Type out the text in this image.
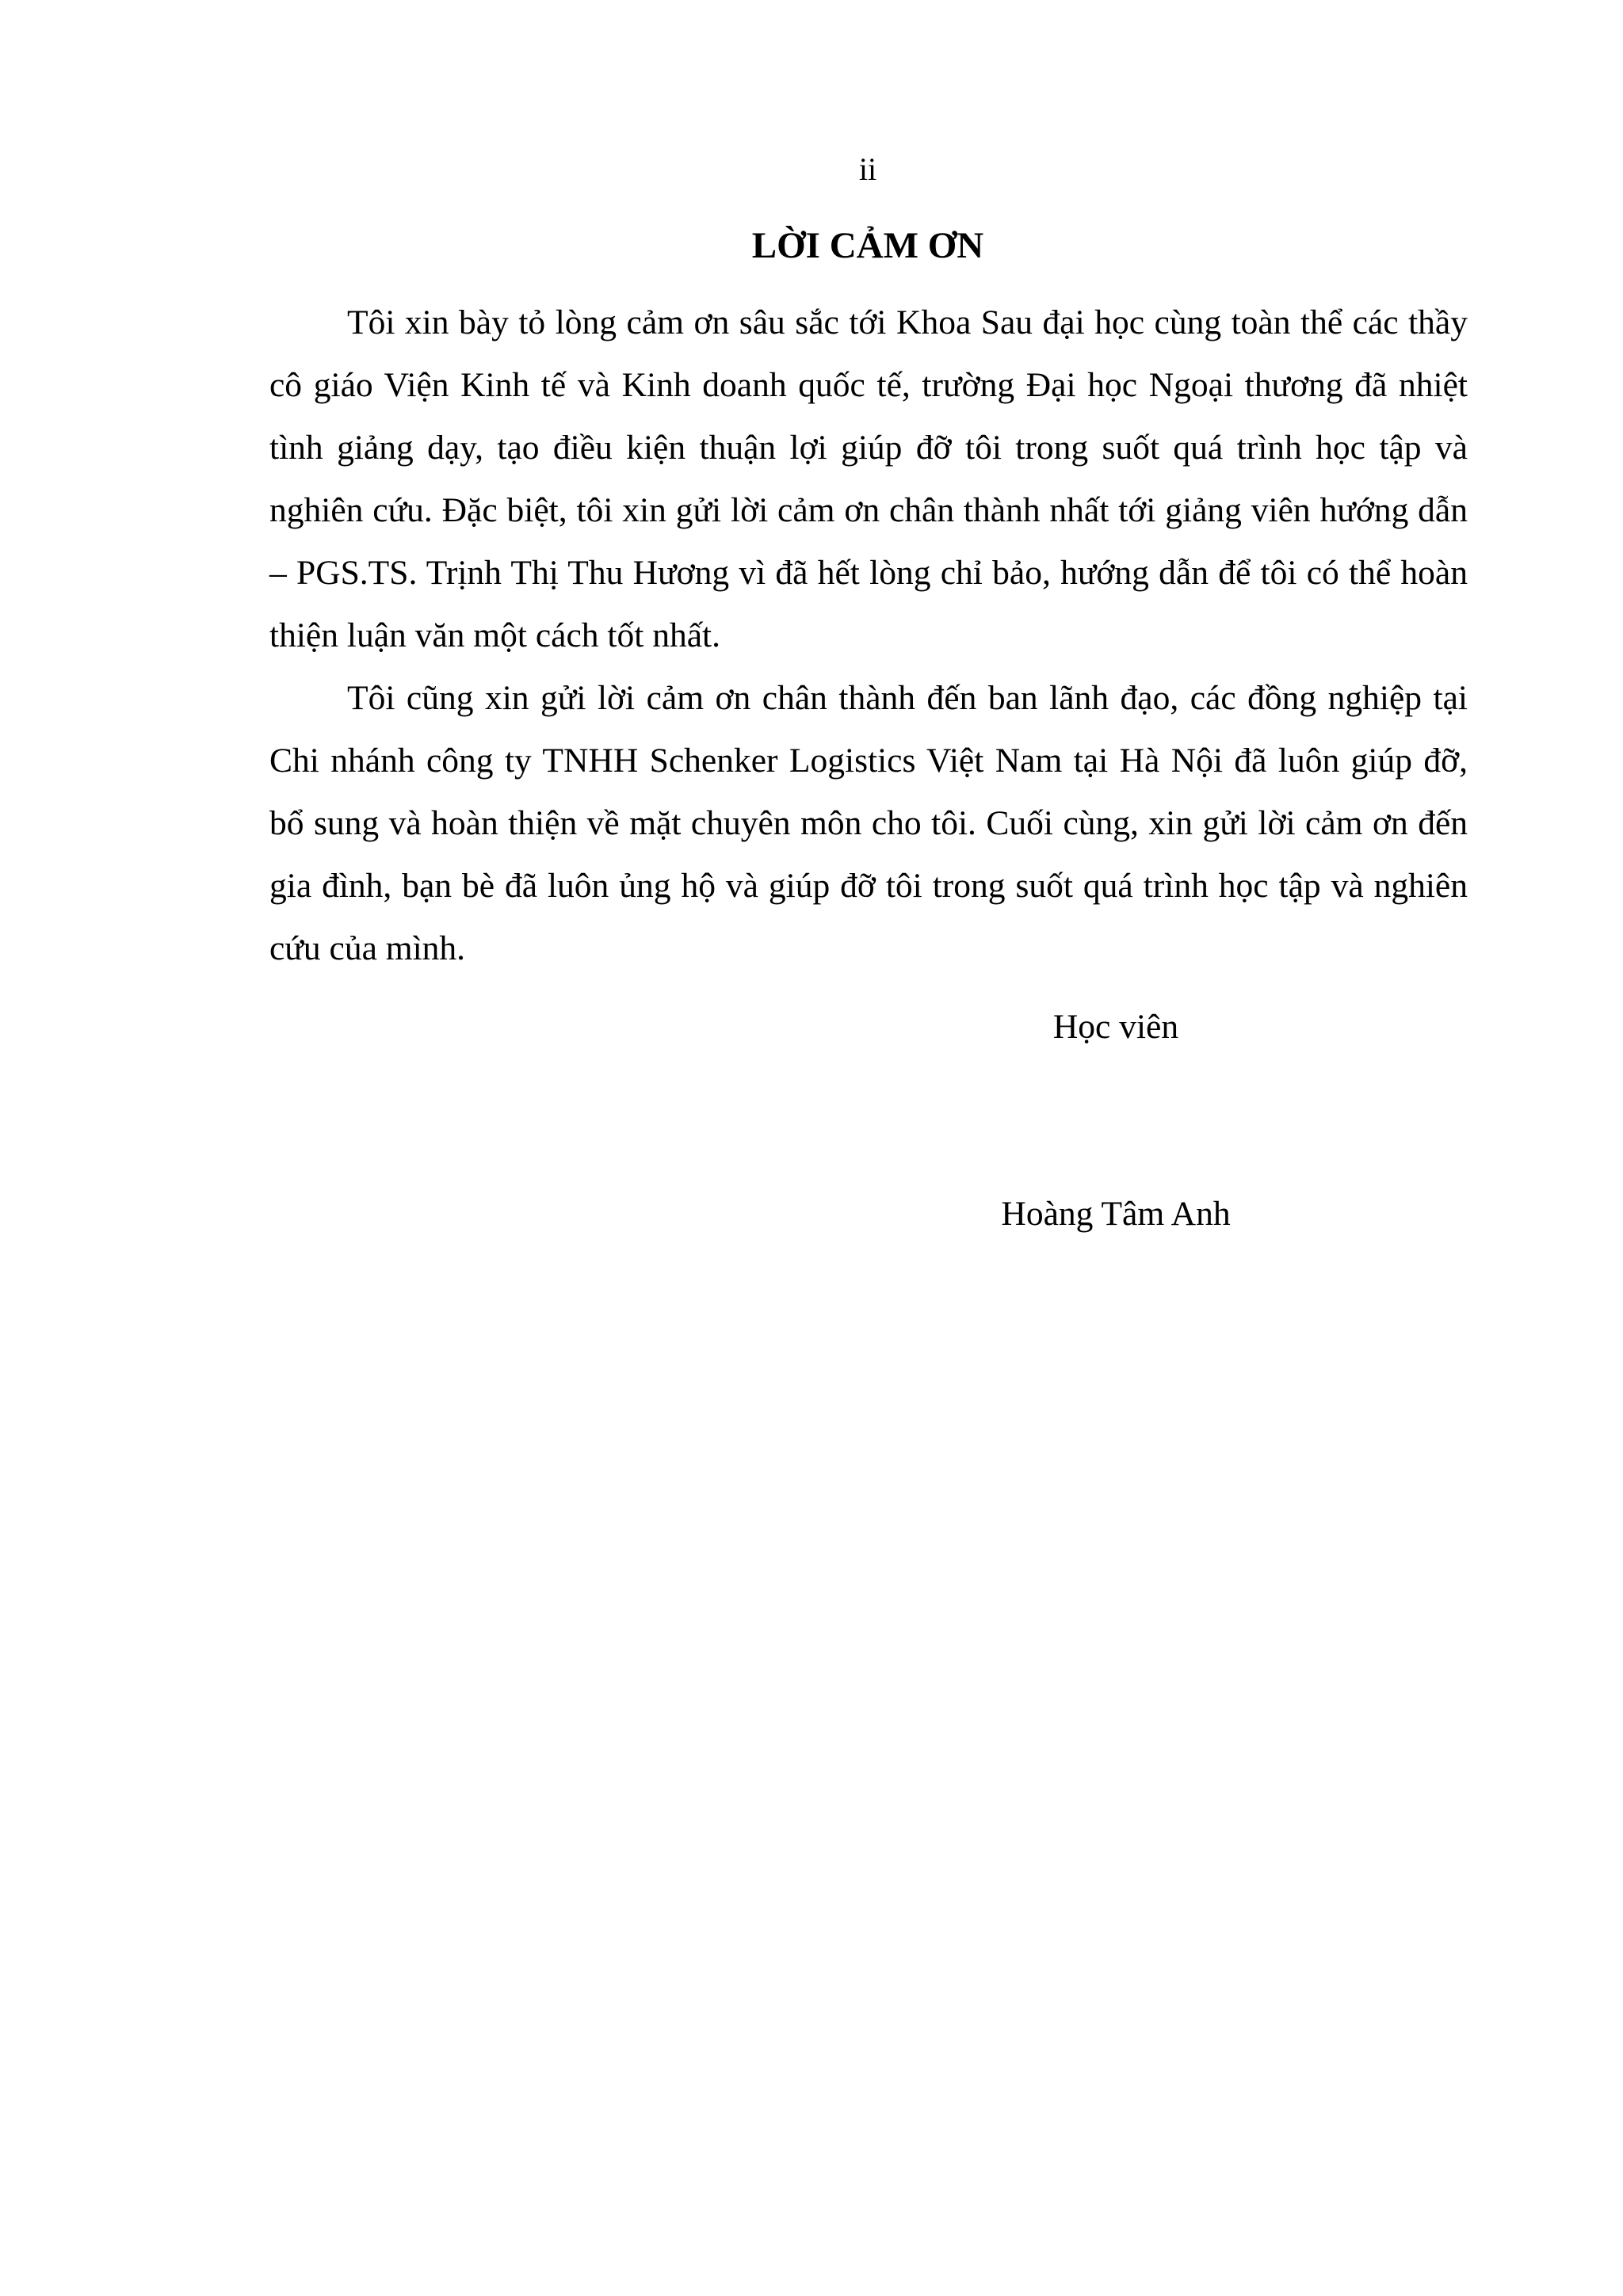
ii

LỜI CẢM ƠN

Tôi xin bày tỏ lòng cảm ơn sâu sắc tới Khoa Sau đại học cùng toàn thể các thầy cô giáo Viện Kinh tế và Kinh doanh quốc tế, trường Đại học Ngoại thương đã nhiệt tình giảng dạy, tạo điều kiện thuận lợi giúp đỡ tôi trong suốt quá trình học tập và nghiên cứu. Đặc biệt, tôi xin gửi lời cảm ơn chân thành nhất tới giảng viên hướng dẫn – PGS.TS. Trịnh Thị Thu Hương vì đã hết lòng chỉ bảo, hướng dẫn để tôi có thể hoàn thiện luận văn một cách tốt nhất.

Tôi cũng xin gửi lời cảm ơn chân thành đến ban lãnh đạo, các đồng nghiệp tại Chi nhánh công ty TNHH Schenker Logistics Việt Nam tại Hà Nội đã luôn giúp đỡ, bổ sung và hoàn thiện về mặt chuyên môn cho tôi. Cuối cùng, xin gửi lời cảm ơn đến gia đình, bạn bè đã luôn ủng hộ và giúp đỡ tôi trong suốt quá trình học tập và nghiên cứu của mình.

Học viên

Hoàng Tâm Anh
